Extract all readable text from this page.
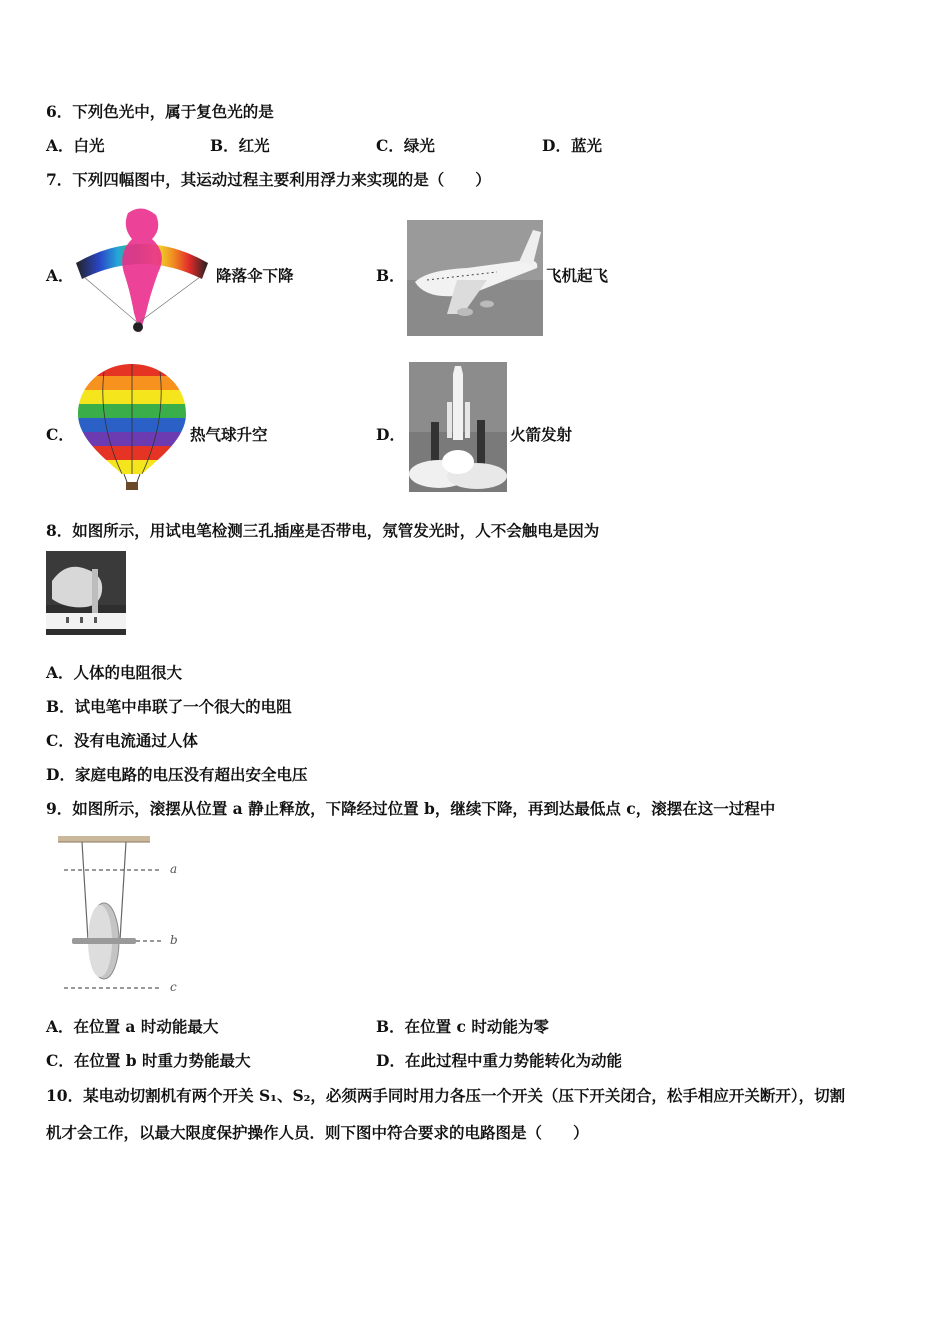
6．下列色光中，属于复色光的是
A．白光	B．红光	C．绿光	D．蓝光
7．下列四幅图中，其运动过程主要利用浮力来实现的是（　　）
A．	降落伞下降	B．	飞机起飞
C．	热气球升空	D．	火箭发射
8．如图所示，用试电笔检测三孔插座是否带电，氖管发光时，人不会触电是因为
A．人体的电阻很大
B．试电笔中串联了一个很大的电阻
C．没有电流通过人体
D．家庭电路的电压没有超出安全电压
9．如图所示，滚摆从位置 a 静止释放，下降经过位置 b，继续下降，再到达最低点 c，滚摆在这一过程中
a
b
c
A．在位置 a 时动能最大	B．在位置 c 时动能为零
C．在位置 b 时重力势能最大	D．在此过程中重力势能转化为动能
10．某电动切割机有两个开关 S₁、S₂，必须两手同时用力各压一个开关（压下开关闭合，松手相应开关断开），切割
机才会工作，以最大限度保护操作人员．则下图中符合要求的电路图是（　　）
